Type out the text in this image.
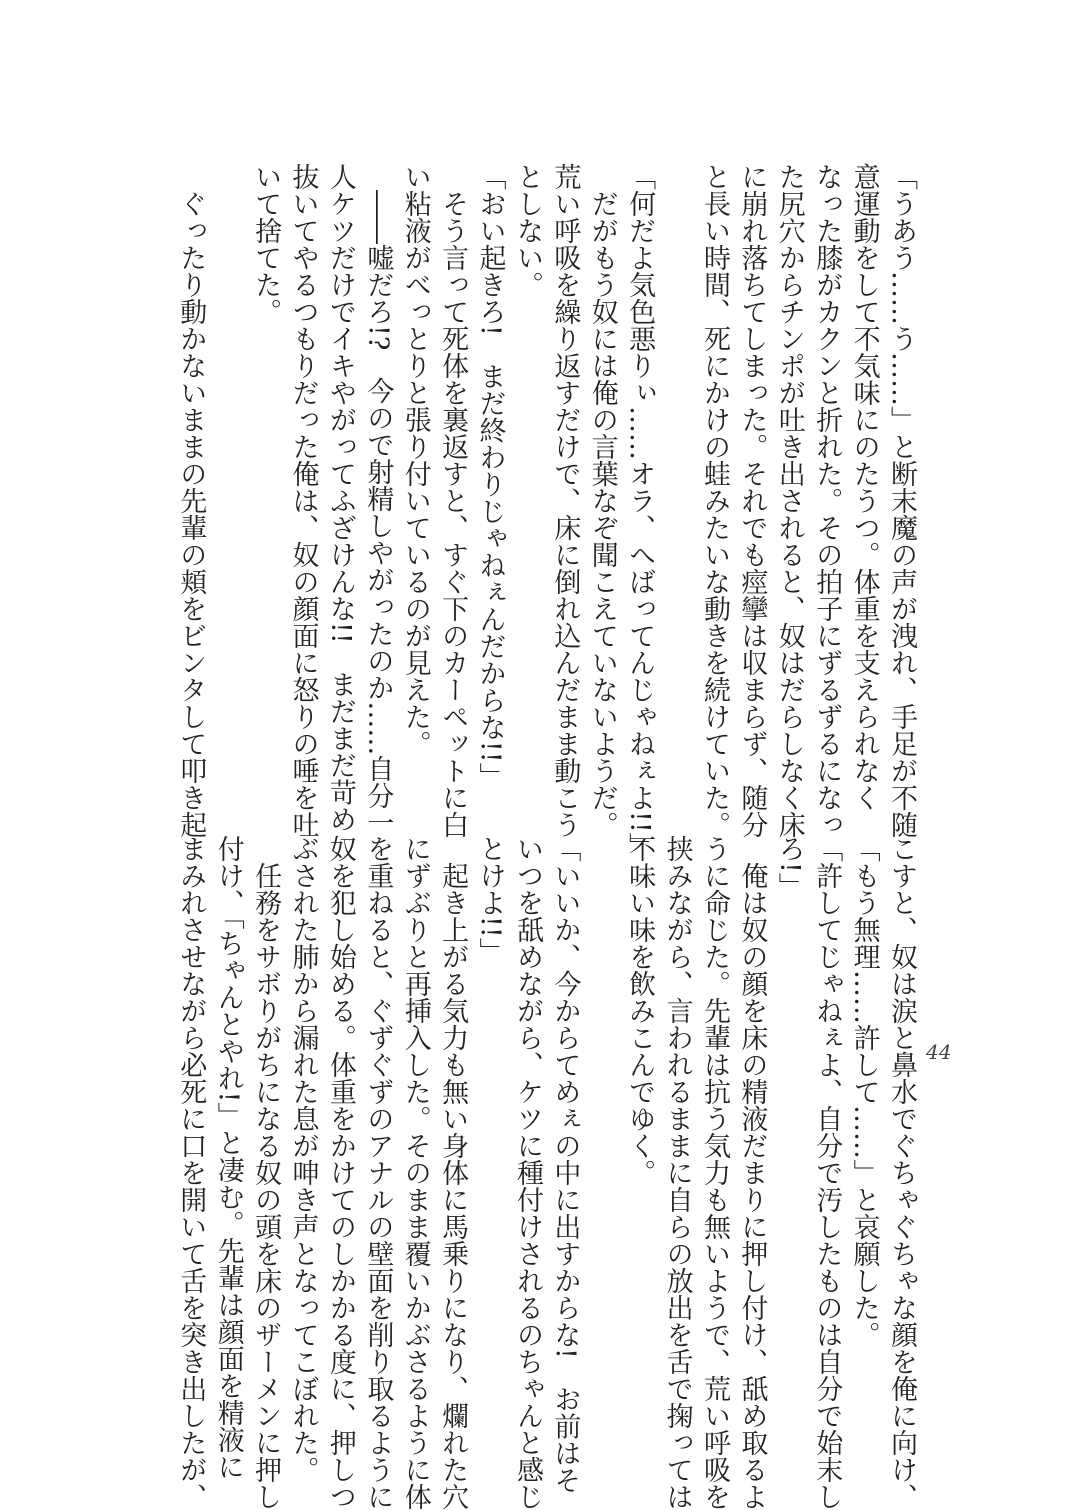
「うあう……う……」と断末魔の声が洩れ、手足が不随

意運動をして不気味にのたうつ。体重を支えられなく

なった膝がカクンと折れた。その拍子にずるずるになっ

た尻穴からチンポが吐き出されると、奴はだらしなく床

に崩れ落ちてしまった。それでも痙攣は収まらず、随分

と長い時間、死にかけの蛙みたいな動きを続けていた。

「何だよ気色悪りぃ……オラ、へばってんじゃねぇよ!!」

　だがもう奴には俺の言葉なぞ聞こえていないようだ。

荒い呼吸を繰り返すだけで、床に倒れ込んだまま動こう

としない。

「おい起きろ!　まだ終わりじゃねぇんだからな!!」

　そう言って死体を裏返すと、すぐ下のカーペットに白

い粘液がべっとりと張り付いているのが見えた。

　――嘘だろ!?　今ので射精しやがったのか……自分一

人ケツだけでイキやがってふざけんな!!　まだまだ苛め

抜いてやるつもりだった俺は、奴の顔面に怒りの唾を吐

いて捨てた。

　ぐったり動かないままの先輩の頬をビンタして叩き起

こすと、奴は涙と鼻水でぐちゃぐちゃな顔を俺に向け、

「もう無理……許して……」と哀願した。

「許してじゃねぇよ、自分で汚したものは自分で始末し

ろ!」

　俺は奴の顔を床の精液だまりに押し付け、舐め取るよ

うに命じた。先輩は抗う気力も無いようで、荒い呼吸を

挟みながら、言われるままに自らの放出を舌で掬っては

不味い味を飲みこんでゆく。

「いいか、今からてめぇの中に出すからな!　お前はそ

いつを舐めながら、ケツに種付けされるのちゃんと感じ

とけよ!!」

　起き上がる気力も無い身体に馬乗りになり、爛れた穴

にずぶりと再挿入した。そのまま覆いかぶさるように体

を重ねると、ぐずぐずのアナルの壁面を削り取るように

奴を犯し始める。体重をかけてのしかかる度に、押しつ

ぶされた肺から漏れた息が呻き声となってこぼれた。

　任務をサボりがちになる奴の頭を床のザーメンに押し

付け、「ちゃんとやれ!」と凄む。先輩は顔面を精液に

まみれさせながら必死に口を開いて舌を突き出したが、	44
